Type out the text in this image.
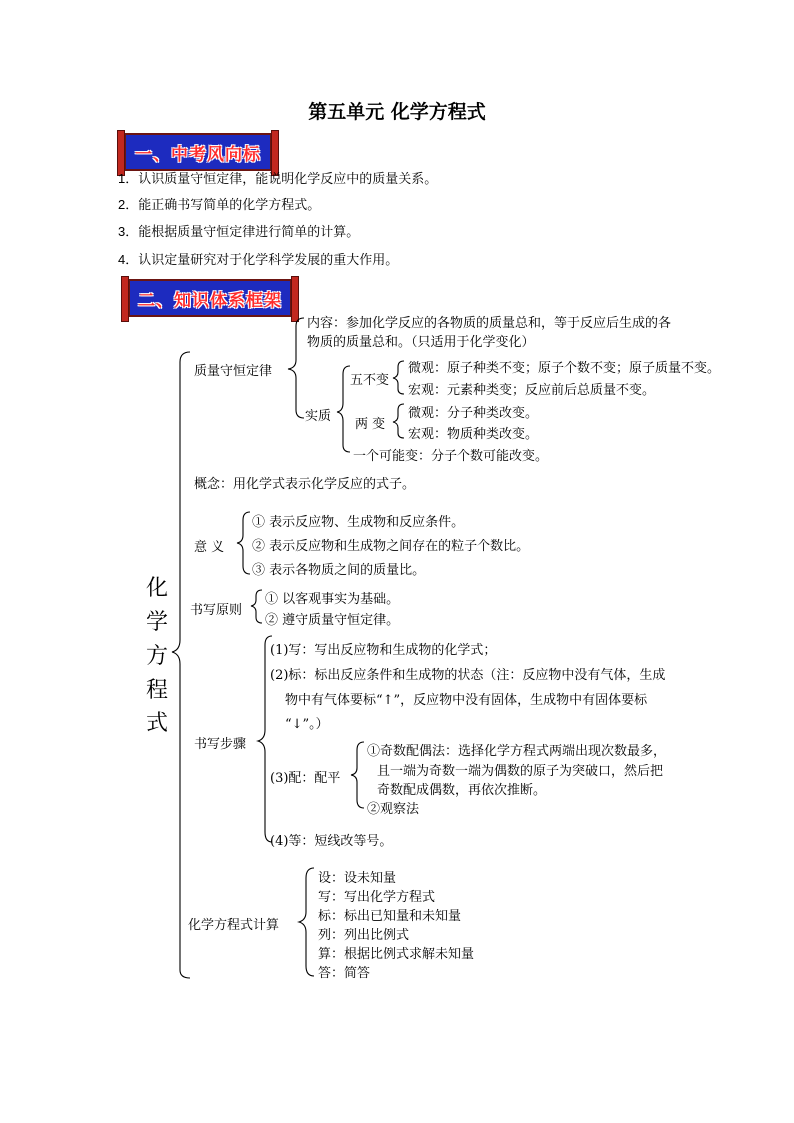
第五单元 化学方程式
一、中考风向标
1．认识质量守恒定律，能说明化学反应中的质量关系。
2．能正确书写简单的化学方程式。
3．能根据质量守恒定律进行简单的计算。
4．认识定量研究对于化学科学发展的重大作用。
二、知识体系框架
化
学
方
程
式
质量守恒定律
内容：参加化学反应的各物质的质量总和，等于反应后生成的各
物质的质量总和。（只适用于化学变化）
实质
五不变
微观：原子种类不变；原子个数不变；原子质量不变。
宏观：元素种类变；反应前后总质量不变。
两 变
微观：分子种类改变。
宏观：物质种类改变。
一个可能变：分子个数可能改变。
概念：用化学式表示化学反应的式子。
意 义
① 表示反应物、生成物和反应条件。
② 表示反应物和生成物之间存在的粒子个数比。
③ 表示各物质之间的质量比。
书写原则
① 以客观事实为基础。
② 遵守质量守恒定律。
书写步骤
(1)写：写出反应物和生成物的化学式；
(2)标：标出反应条件和生成物的状态（注：反应物中没有气体，生成
物中有气体要标“↑”，反应物中没有固体，生成物中有固体要标
“↓”。）
(3)配：配平
①奇数配偶法：选择化学方程式两端出现次数最多，
且一端为奇数一端为偶数的原子为突破口，然后把
奇数配成偶数，再依次推断。
②观察法
(4)等：短线改等号。
化学方程式计算
设：设未知量
写：写出化学方程式
标：标出已知量和未知量
列：列出比例式
算：根据比例式求解未知量
答：简答
